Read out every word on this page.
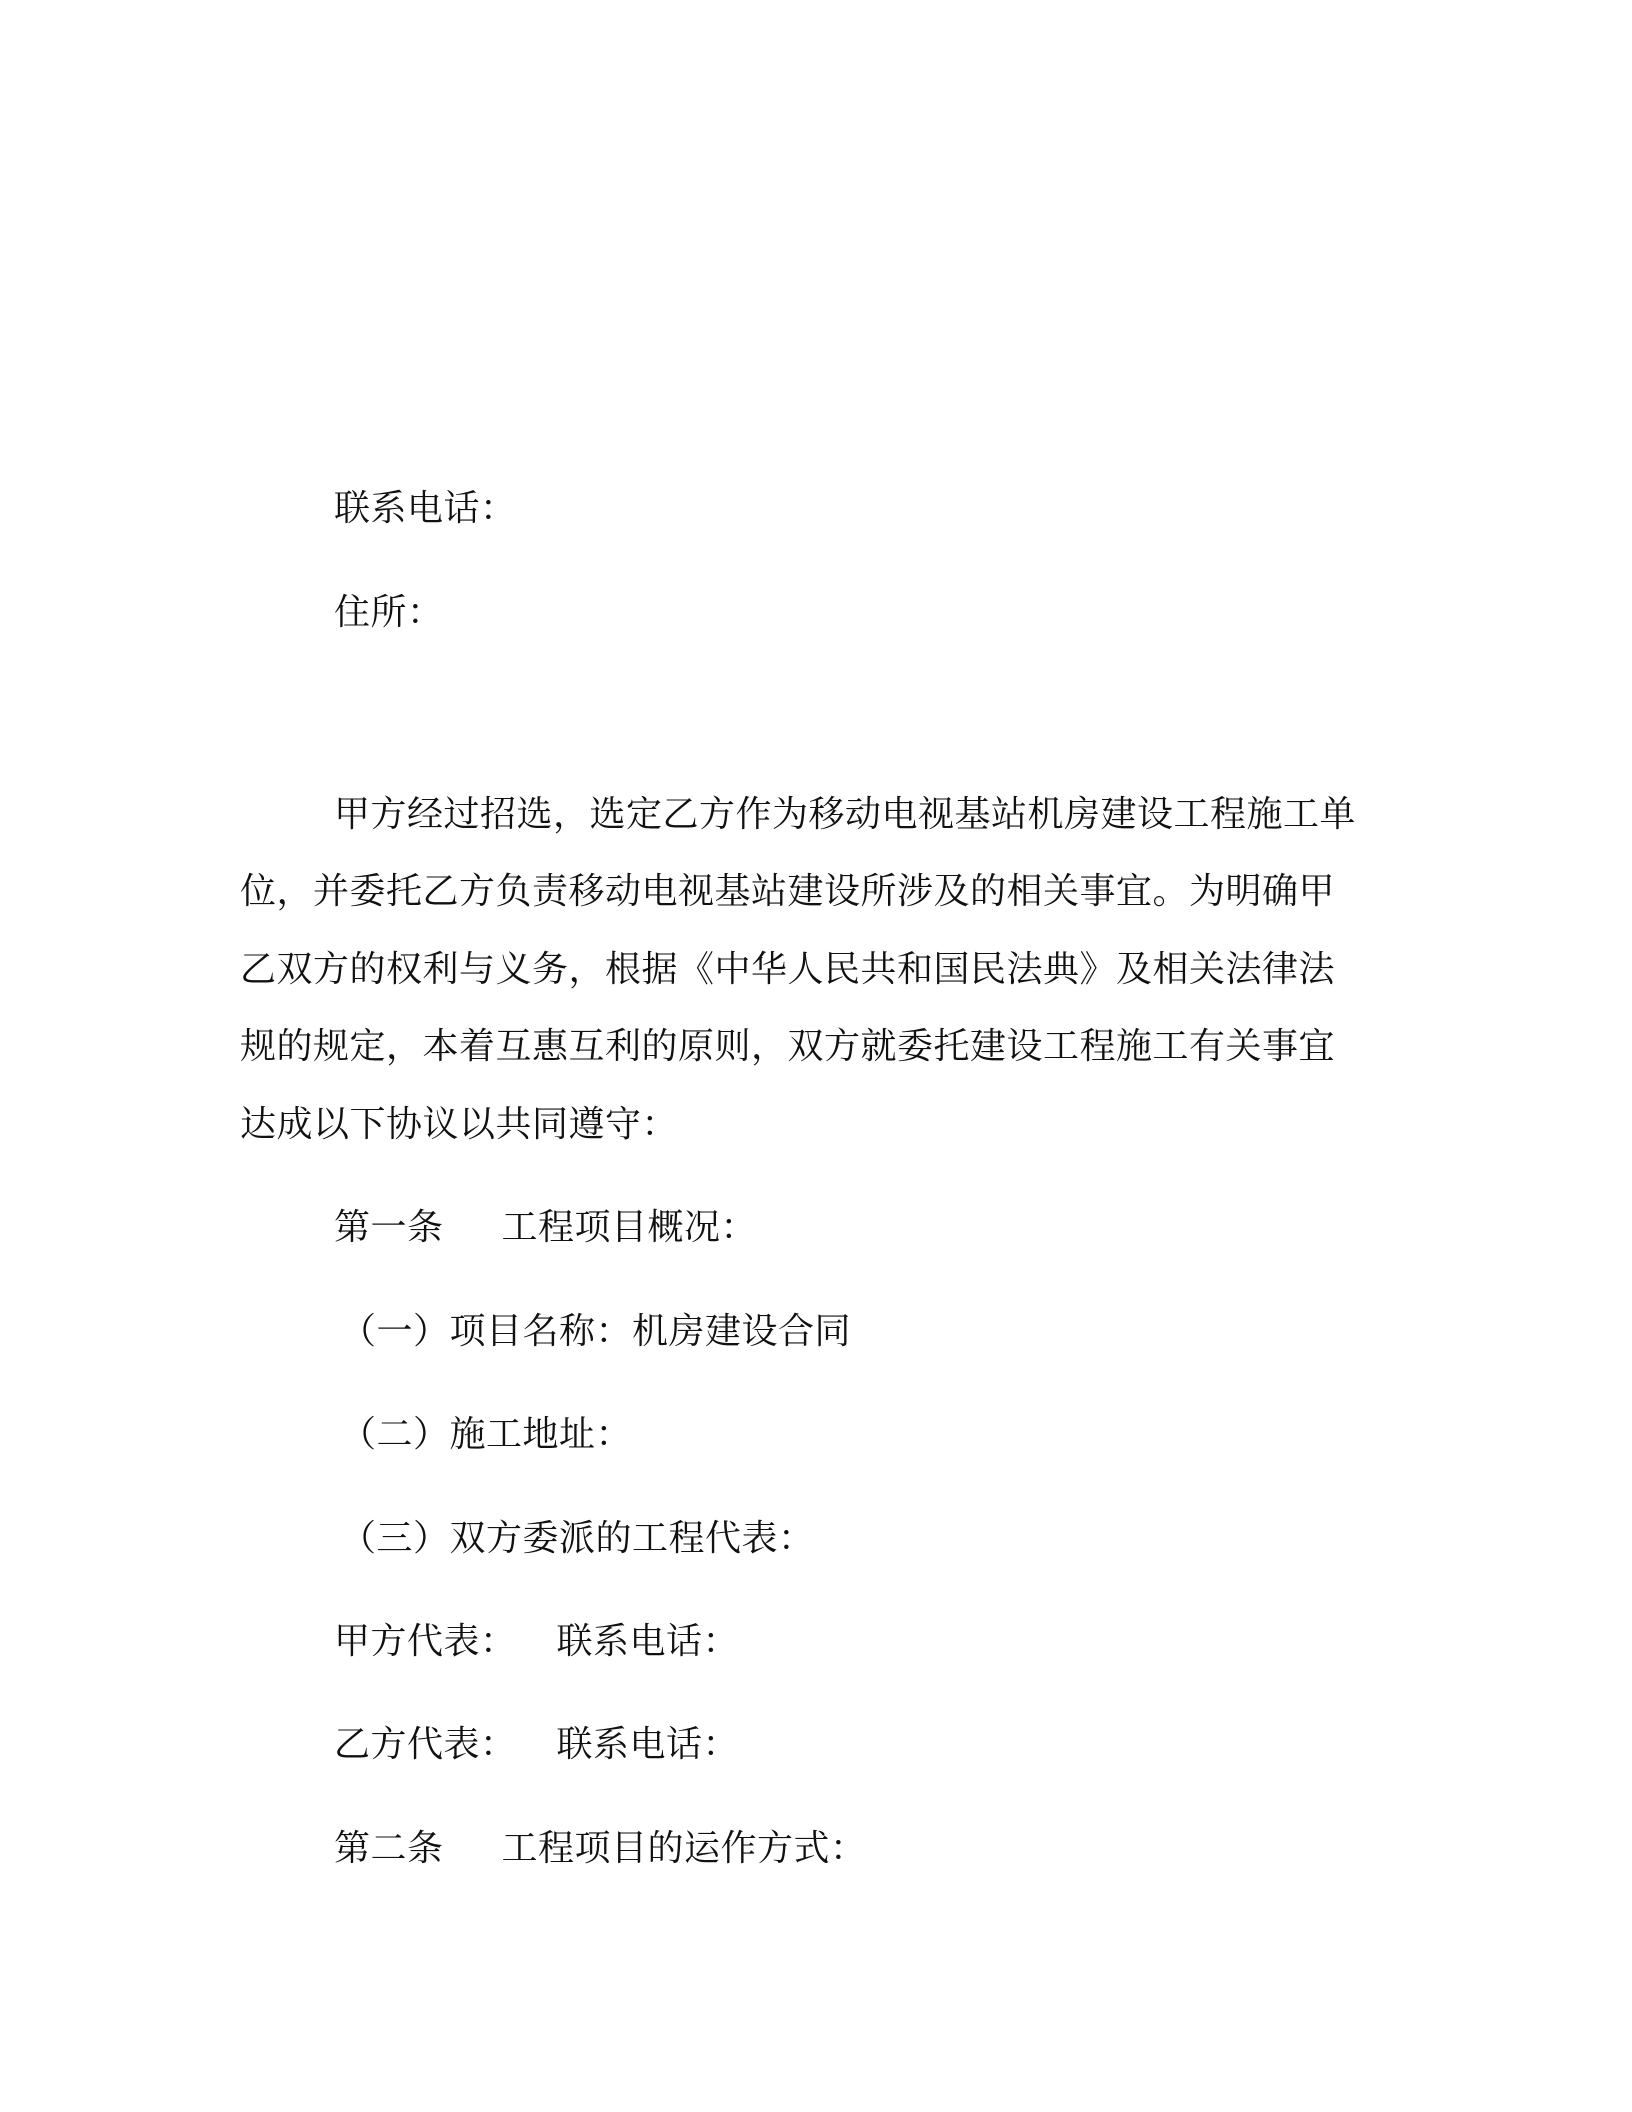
联系电话：
住所：
甲方经过招选，选定乙方作为移动电视基站机房建设工程施工单
位，并委托乙方负责移动电视基站建设所涉及的相关事宜。为明确甲
乙双方的权利与义务，根据《中华人民共和国民法典》及相关法律法
规的规定，本着互惠互利的原则，双方就委托建设工程施工有关事宜
达成以下协议以共同遵守：
第一条 工程项目概况：
（一）项目名称：机房建设合同
（二）施工地址：
（三）双方委派的工程代表：
甲方代表： 联系电话：
乙方代表： 联系电话：
第二条 工程项目的运作方式：
